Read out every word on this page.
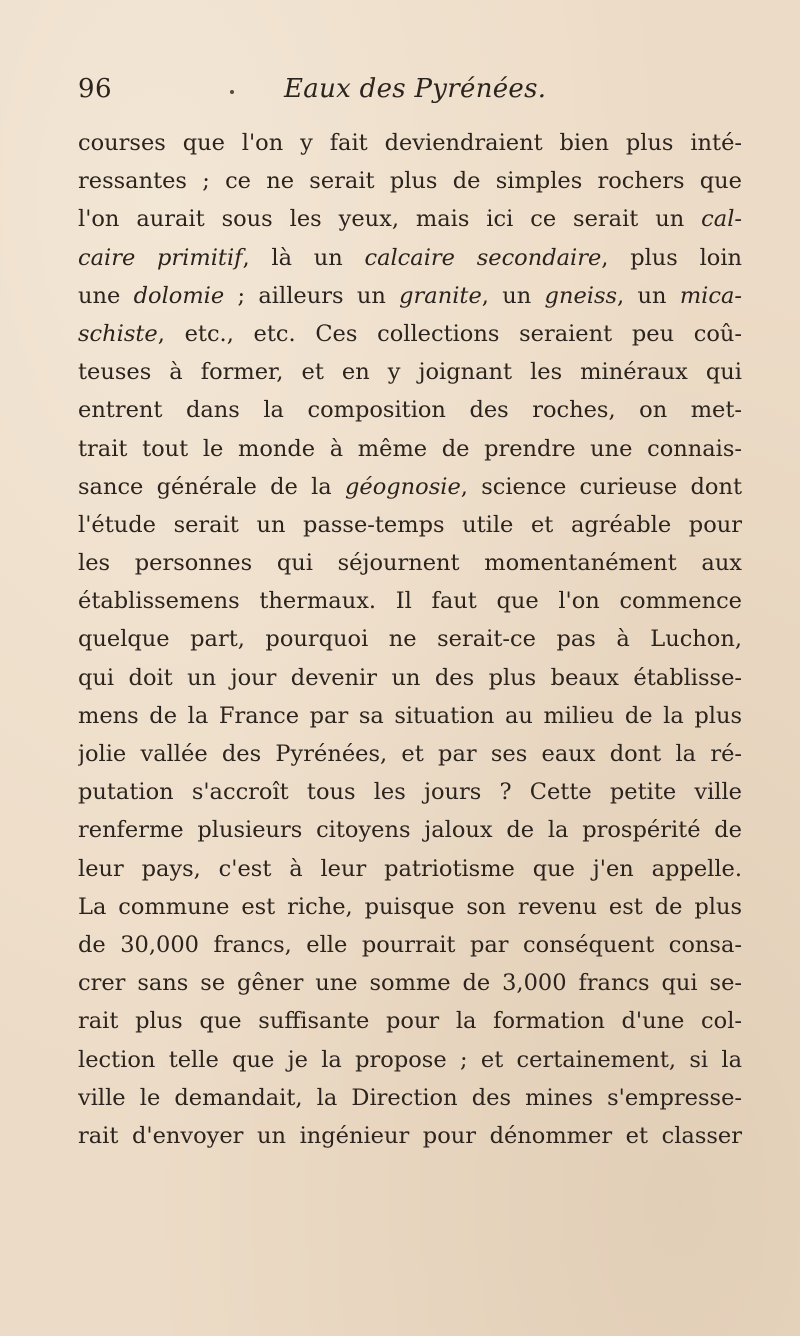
96	Eaux des Pyrénées.
courses que l'on y fait deviendraient bien plus inté-
ressantes ; ce ne serait plus de simples rochers que
l'on aurait sous les yeux, mais ici ce serait un cal-
caire primitif, là un calcaire secondaire, plus loin
une dolomie ; ailleurs un granite, un gneiss, un mica-
schiste, etc., etc. Ces collections seraient peu coû-
teuses à former, et en y joignant les minéraux qui
entrent dans la composition des roches, on met-
trait tout le monde à même de prendre une connais-
sance générale de la géognosie, science curieuse dont
l'étude serait un passe-temps utile et agréable pour
les personnes qui séjournent momentanément aux
établissemens thermaux. Il faut que l'on commence
quelque part, pourquoi ne serait-ce pas à Luchon,
qui doit un jour devenir un des plus beaux établisse-
mens de la France par sa situation au milieu de la plus
jolie vallée des Pyrénées, et par ses eaux dont la ré-
putation s'accroît tous les jours ? Cette petite ville
renferme plusieurs citoyens jaloux de la prospérité de
leur pays, c'est à leur patriotisme que j'en appelle.
La commune est riche, puisque son revenu est de plus
de 30,000 francs, elle pourrait par conséquent consa-
crer sans se gêner une somme de 3,000 francs qui se-
rait plus que suffisante pour la formation d'une col-
lection telle que je la propose ; et certainement, si la
ville le demandait, la Direction des mines s'empresse-
rait d'envoyer un ingénieur pour dénommer et classer
